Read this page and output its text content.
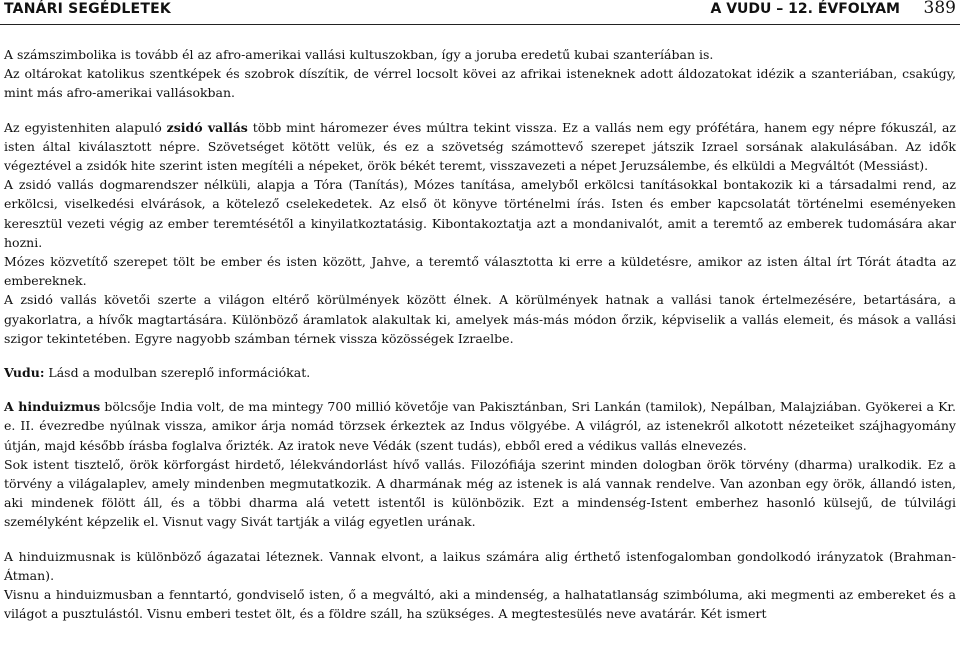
TANÁRI SEGÉDLETEK	A VUDU – 12. ÉVFOLYAM 389

A számszimbolika is tovább él az afro-amerikai vallási kultuszokban, így a joruba eredetű kubai szanteríában is.

Az oltárokat katolikus szentképek és szobrok díszítik, de vérrel locsolt kövei az afrikai isteneknek adott áldozatokat idézik a szanteriában, csakúgy, mint más afro-amerikai vallásokban.

Az egyistenhiten alapuló zsidó vallás több mint háromezer éves múltra tekint vissza. Ez a vallás nem egy prófétára, hanem egy népre fókuszál, az isten által kiválasztott népre. Szövetséget kötött velük, és ez a szövetség számottevő szerepet játszik Izrael sorsának alakulásában. Az idők végeztével a zsidók hite szerint isten megítéli a népeket, örök békét teremt, visszavezeti a népet Jeruzsálembe, és elküldi a Megváltót (Messiást).

A zsidó vallás dogmarendszer nélküli, alapja a Tóra (Tanítás), Mózes tanítása, amelyből erkölcsi tanításokkal bontakozik ki a társadalmi rend, az erkölcsi, viselkedési elvárások, a kötelező cselekedetek. Az első öt könyve történelmi írás. Isten és ember kapcsolatát történelmi eseményeken keresztül vezeti végig az ember teremtésétől a kinyilatkoztatásig. Kibontakoztatja azt a mondanivalót, amit a teremtő az emberek tudomására akar hozni.

Mózes közvetítő szerepet tölt be ember és isten között, Jahve, a teremtő választotta ki erre a küldetésre, amikor az isten által írt Tórát átadta az embereknek.

A zsidó vallás követői szerte a világon eltérő körülmények között élnek. A körülmények hatnak a vallási tanok értelmezésére, betartására, a gyakorlatra, a hívők magtartására. Különböző áramlatok alakultak ki, amelyek más-más módon őrzik, képviselik a vallás elemeit, és mások a vallási szigor tekintetében. Egyre nagyobb számban térnek vissza közösségek Izraelbe.

Vudu: Lásd a modulban szereplő információkat.

A hinduizmus bölcsője India volt, de ma mintegy 700 millió követője van Pakisztánban, Sri Lankán (tamilok), Nepálban, Malajziában. Gyökerei a Kr. e. II. évezredbe nyúlnak vissza, amikor árja nomád törzsek érkeztek az Indus völgyébe. A világról, az istenekről alkotott nézeteiket szájhagyomány útján, majd később írásba foglalva őrizték. Az iratok neve Védák (szent tudás), ebből ered a védikus vallás elnevezés.

Sok istent tisztelő, örök körforgást hirdető, lélekvándorlást hívő vallás. Filozófiája szerint minden dologban örök törvény (dharma) uralkodik. Ez a törvény a világalaplev, amely mindenben megmutatkozik. A dharmának még az istenek is alá vannak rendelve. Van azonban egy örök, állandó isten, aki mindenek fölött áll, és a többi dharma alá vetett istentől is különbözik. Ezt a mindenség-Istent emberhez hasonló külsejű, de túlvilági személyként képzelik el. Visnut vagy Sivát tartják a világ egyetlen urának.

A hinduizmusnak is különböző ágazatai léteznek. Vannak elvont, a laikus számára alig érthető istenfogalomban gondolkodó irányzatok (Brahman-Átman).

Visnu a hinduizmusban a fenntartó, gondviselő isten, ő a megváltó, aki a mindenség, a halhatatlanság szimbóluma, aki megmenti az embereket és a világot a pusztulástól. Visnu emberi testet ölt, és a földre száll, ha szükséges. A megtestesülés neve avatárár. Két ismert
